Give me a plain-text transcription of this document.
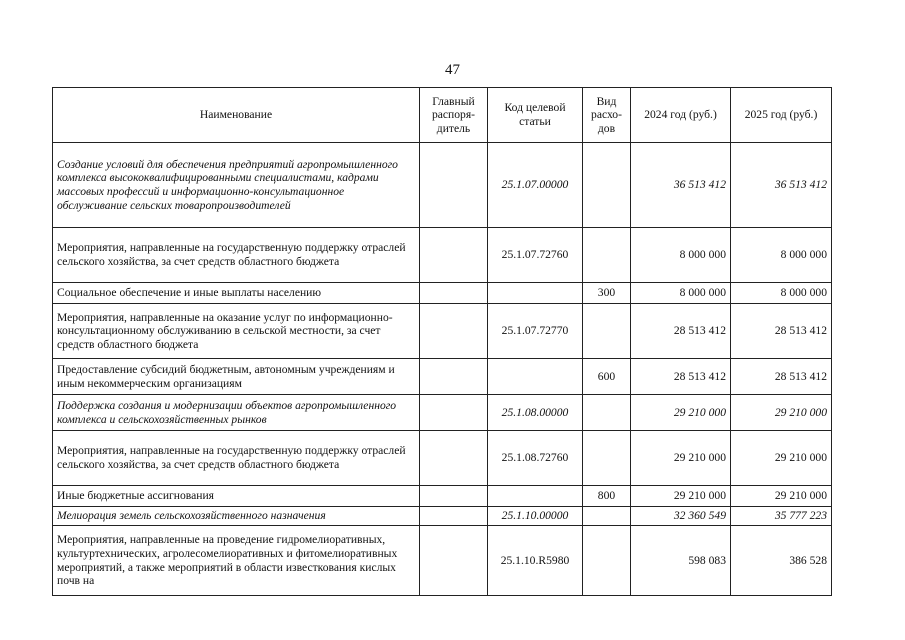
47
Наименование	Главный распоря-дитель	Код целевой статьи	Вид расхо-дов	2024 год (руб.)	2025 год (руб.)
Создание условий для обеспечения предприятий агропромышленного комплекса высококвалифицированными специалистами, кадрами массовых профессий и информационно-консультационное обслуживание сельских товаропроизводителей		25.1.07.00000		36 513 412	36 513 412
Мероприятия, направленные на государственную поддержку отраслей сельского хозяйства, за счет средств областного бюджета		25.1.07.72760		8 000 000	8 000 000
Социальное обеспечение и иные выплаты населению			300	8 000 000	8 000 000
Мероприятия, направленные на оказание услуг по информационно-консультационному обслуживанию в сельской местности, за счет средств областного бюджета		25.1.07.72770		28 513 412	28 513 412
Предоставление субсидий бюджетным, автономным учреждениям и иным некоммерческим организациям			600	28 513 412	28 513 412
Поддержка создания и модернизации объектов агропромышленного комплекса и сельскохозяйственных рынков		25.1.08.00000		29 210 000	29 210 000
Мероприятия, направленные на государственную поддержку отраслей сельского хозяйства, за счет средств областного бюджета		25.1.08.72760		29 210 000	29 210 000
Иные бюджетные ассигнования			800	29 210 000	29 210 000
Мелиорация земель сельскохозяйственного назначения		25.1.10.00000		32 360 549	35 777 223
Мероприятия, направленные на проведение гидромелиоративных, культуртехнических, агролесомелиоративных и фитомелиоративных мероприятий, а также мероприятий в области известкования кислых почв на		25.1.10.R5980		598 083	386 528
